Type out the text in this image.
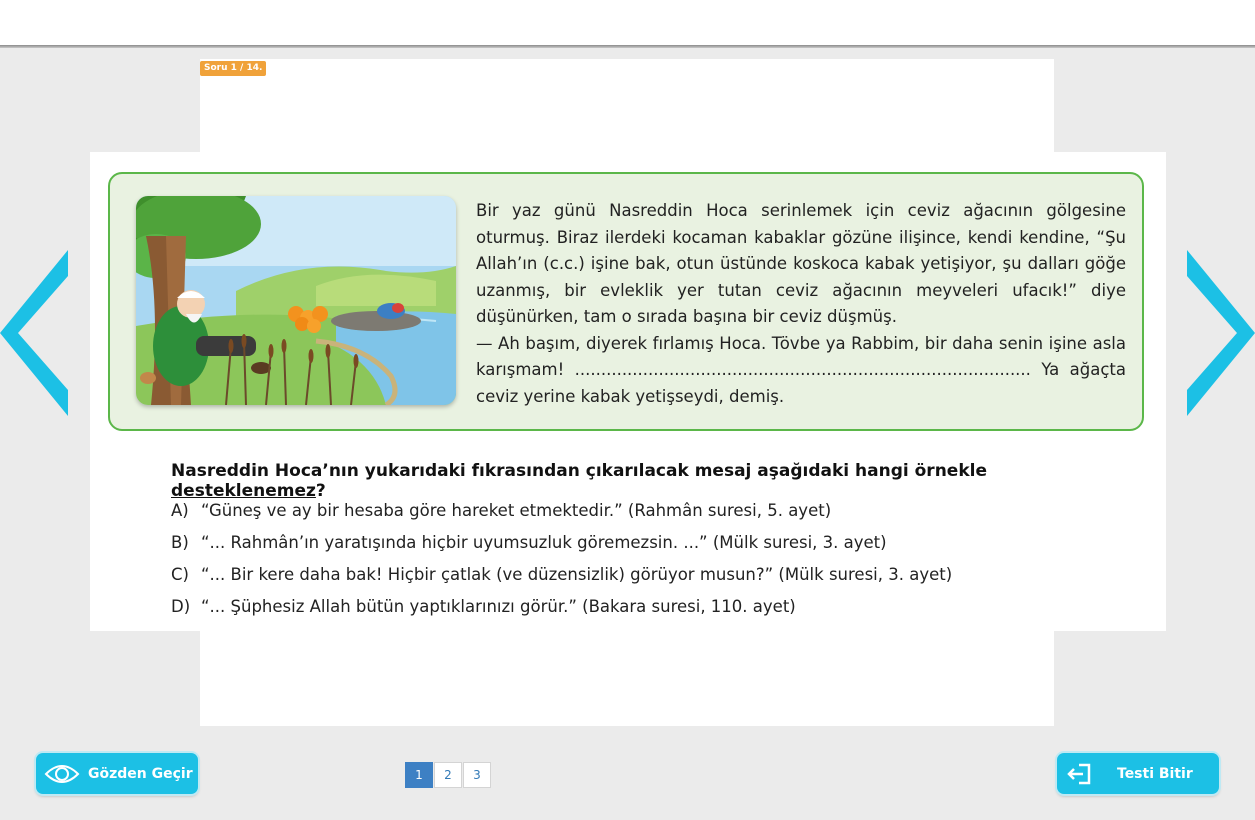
Soru 1 / 14.

Bir yaz günü Nasreddin Hoca serinlemek için ceviz ağacının gölgesine oturmuş. Biraz ilerdeki kocaman kabaklar gözüne ilişince, kendi kendine, “Şu Allah’ın (c.c.) işine bak, otun üstünde koskoca kabak yetişiyor, şu dalları göğe uzanmış, bir evleklik yer tutan ceviz ağacının meyveleri ufacık!” diye düşünürken, tam o sırada başına bir ceviz düşmüş.

— Ah başım, diyerek fırlamış Hoca. Tövbe ya Rabbim, bir daha senin işine asla karışmam! ....................................................................................... Ya ağaçta ceviz yerine kabak yetişseydi, demiş.

Nasreddin Hoca’nın yukarıdaki fıkrasından çıkarılacak mesaj aşağıdaki hangi örnekle desteklenemez?
A) “Güneş ve ay bir hesaba göre hareket etmektedir.” (Rahmân suresi, 5. ayet)
B) “... Rahmân’ın yaratışında hiçbir uyumsuzluk göremezsin. ...” (Mülk suresi, 3. ayet)
C) “... Bir kere daha bak! Hiçbir çatlak (ve düzensizlik) görüyor musun?” (Mülk suresi, 3. ayet)
D) “... Şüphesiz Allah bütün yaptıklarınızı görür.” (Bakara suresi, 110. ayet)
Gözden Geçir	1	2	3	Testi Bitir
